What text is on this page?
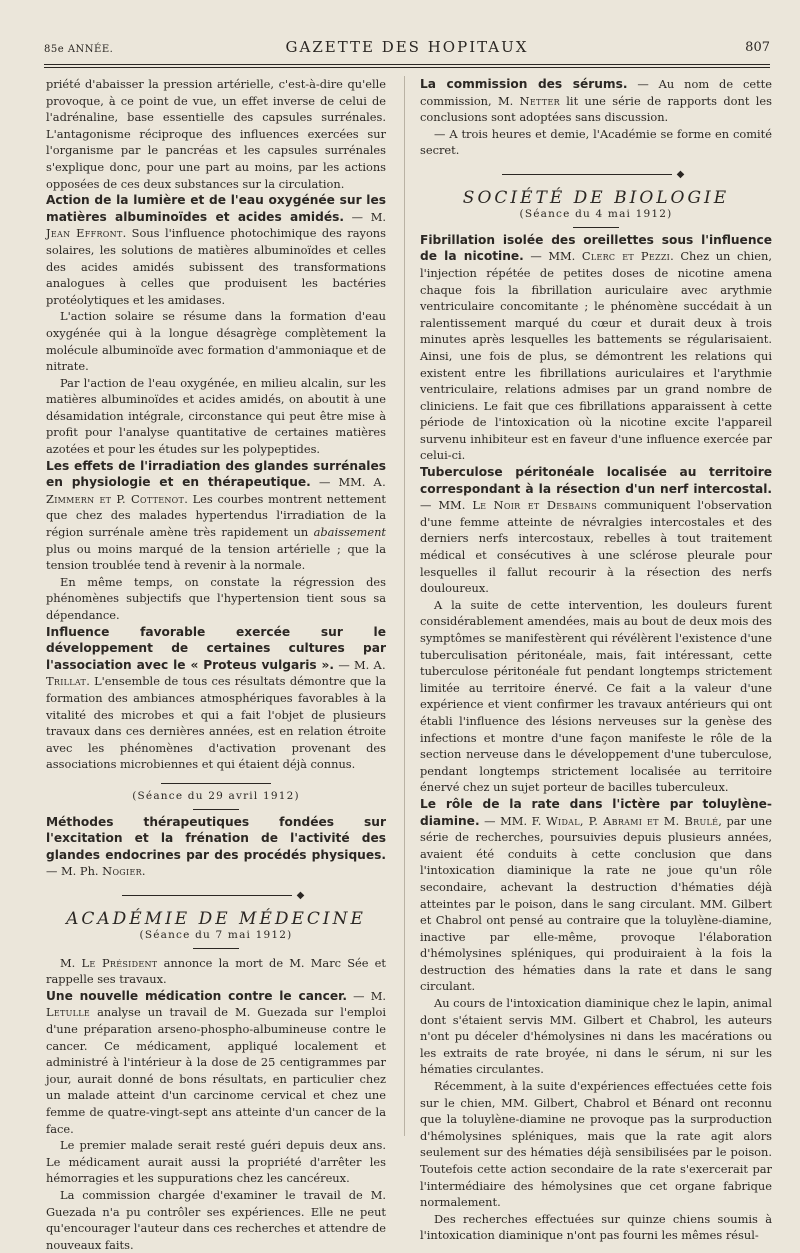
85e ANNÉE.	GAZETTE DES HOPITAUX	807

priété d'abaisser la pression artérielle, c'est-à-dire qu'elle provoque, à ce point de vue, un effet inverse de celui de l'adrénaline, base essentielle des capsules surrénales. L'antagonisme réciproque des influences exercées sur l'organisme par le pancréas et les capsules surrénales s'explique donc, pour une part au moins, par les actions opposées de ces deux substances sur la circulation.

Action de la lumière et de l'eau oxygénée sur les matières albuminoïdes et acides amidés. — M. Jean Effront. Sous l'influence photochimique des rayons solaires, les solutions de matières albuminoïdes et celles des acides amidés subissent des transformations analogues à celles que produisent les bactéries protéolytiques et les amidases.

L'action solaire se résume dans la formation d'eau oxygénée qui à la longue désagrège complètement la molécule albuminoïde avec formation d'ammoniaque et de nitrate.

Par l'action de l'eau oxygénée, en milieu alcalin, sur les matières albuminoïdes et acides amidés, on aboutit à une désamidation intégrale, circonstance qui peut être mise à profit pour l'analyse quantitative de certaines matières azotées et pour les études sur les polypeptides.

Les effets de l'irradiation des glandes surrénales en physiologie et en thérapeutique. — MM. A. Zimmern et P. Cottenot. Les courbes montrent nettement que chez des malades hypertendus l'irradiation de la région surrénale amène très rapidement un abaissement plus ou moins marqué de la tension artérielle ; que la tension troublée tend à revenir à la normale.

En même temps, on constate la régression des phénomènes subjectifs que l'hypertension tient sous sa dépendance.

Influence favorable exercée sur le développement de certaines cultures par l'association avec le « Proteus vulgaris ». — M. A. Trillat. L'ensemble de tous ces résultats démontre que la formation des ambiances atmosphériques favorables à la vitalité des microbes et qui a fait l'objet de plusieurs travaux dans ces dernières années, est en relation étroite avec les phénomènes d'activation provenant des associations microbiennes et qui étaient déjà connus.

(Séance du 29 avril 1912)

Méthodes thérapeutiques fondées sur l'excitation et la frénation de l'activité des glandes endocrines par des procédés physiques. — M. Ph. Nogier.

◆

ACADÉMIE DE MÉDECINE

(Séance du 7 mai 1912)

M. Le Président annonce la mort de M. Marc Sée et rappelle ses travaux.

Une nouvelle médication contre le cancer. — M. Letulle analyse un travail de M. Guezada sur l'emploi d'une préparation arseno-phospho-albumineuse contre le cancer. Ce médicament, appliqué localement et administré à l'intérieur à la dose de 25 centigrammes par jour, aurait donné de bons résultats, en particulier chez un malade atteint d'un carcinome cervical et chez une femme de quatre-vingt-sept ans atteinte d'un cancer de la face.

Le premier malade serait resté guéri depuis deux ans. Le médicament aurait aussi la propriété d'arrêter les hémorragies et les suppurations chez les cancéreux.

La commission chargée d'examiner le travail de M. Guezada n'a pu contrôler ses expériences. Elle ne peut qu'encourager l'auteur dans ces recherches et attendre de nouveaux faits.

La commission des sérums. — Au nom de cette commission, M. Netter lit une série de rapports dont les conclusions sont adoptées sans discussion.

— A trois heures et demie, l'Académie se forme en comité secret.

◆

SOCIÉTÉ DE BIOLOGIE

(Séance du 4 mai 1912)

Fibrillation isolée des oreillettes sous l'influence de la nicotine. — MM. Clerc et Pezzi. Chez un chien, l'injection répétée de petites doses de nicotine amena chaque fois la fibrillation auriculaire avec arythmie ventriculaire concomitante ; le phénomène succédait à un ralentissement marqué du cœur et durait deux à trois minutes après lesquelles les battements se régularisaient. Ainsi, une fois de plus, se démontrent les relations qui existent entre les fibrillations auriculaires et l'arythmie ventriculaire, relations admises par un grand nombre de cliniciens. Le fait que ces fibrillations apparaissent à cette période de l'intoxication où la nicotine excite l'appareil survenu inhibiteur est en faveur d'une influence exercée par celui-ci.

Tuberculose péritonéale localisée au territoire correspondant à la résection d'un nerf intercostal. — MM. Le Noir et Desbains communiquent l'observation d'une femme atteinte de névralgies intercostales et des derniers nerfs intercostaux, rebelles à tout traitement médical et consécutives à une sclérose pleurale pour lesquelles il fallut recourir à la résection des nerfs douloureux.

A la suite de cette intervention, les douleurs furent considérablement amendées, mais au bout de deux mois des symptômes se manifestèrent qui révélèrent l'existence d'une tuberculisation péritonéale, mais, fait intéressant, cette tuberculose péritonéale fut pendant longtemps strictement limitée au territoire énervé. Ce fait a la valeur d'une expérience et vient confirmer les travaux antérieurs qui ont établi l'influence des lésions nerveuses sur la genèse des infections et montre d'une façon manifeste le rôle de la section nerveuse dans le développement d'une tuberculose, pendant longtemps strictement localisée au territoire énervé chez un sujet porteur de bacilles tuberculeux.

Le rôle de la rate dans l'ictère par toluylène-diamine. — MM. F. Widal, P. Abrami et M. Brulé, par une série de recherches, poursuivies depuis plusieurs années, avaient été conduits à cette conclusion que dans l'intoxication diaminique la rate ne joue qu'un rôle secondaire, achevant la destruction d'hématies déjà atteintes par le poison, dans le sang circulant. MM. Gilbert et Chabrol ont pensé au contraire que la toluylène-diamine, inactive par elle-même, provoque l'élaboration d'hémolysines spléniques, qui produiraient à la fois la destruction des hématies dans la rate et dans le sang circulant.

Au cours de l'intoxication diaminique chez le lapin, animal dont s'étaient servis MM. Gilbert et Chabrol, les auteurs n'ont pu déceler d'hémolysines ni dans les macérations ou les extraits de rate broyée, ni dans le sérum, ni sur les hématies circulantes.

Récemment, à la suite d'expériences effectuées cette fois sur le chien, MM. Gilbert, Chabrol et Bénard ont reconnu que la toluylène-diamine ne provoque pas la surproduction d'hémolysines spléniques, mais que la rate agit alors seulement sur des hématies déjà sensibilisées par le poison. Toutefois cette action secondaire de la rate s'exercerait par l'intermédiaire des hémolysines que cet organe fabrique normalement.

Des recherches effectuées sur quinze chiens soumis à l'intoxication diaminique n'ont pas fourni les mêmes résul-
